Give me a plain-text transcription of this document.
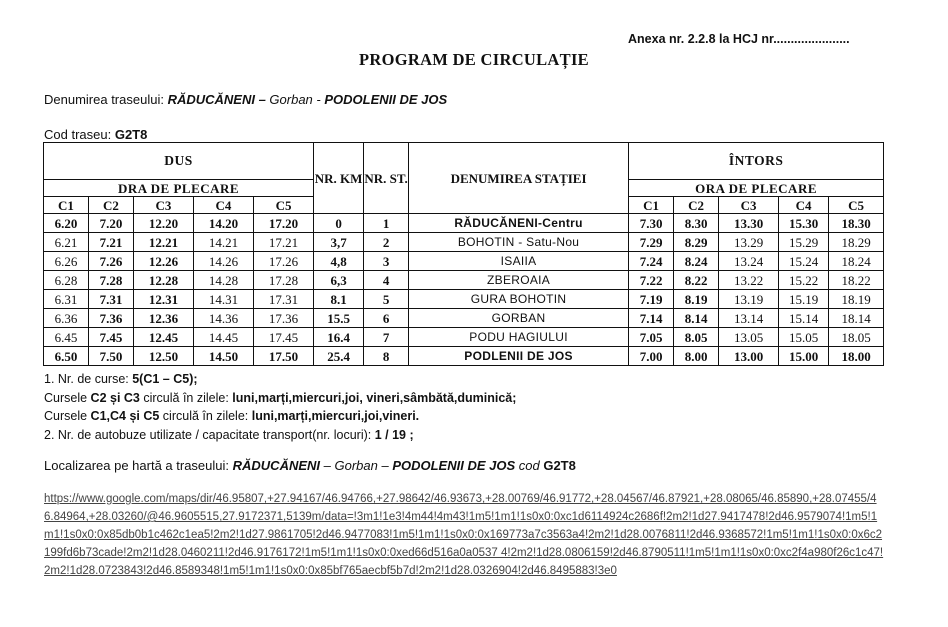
Anexa nr. 2.2.8 la HCJ nr......................
PROGRAM DE CIRCULAȚIE
Denumirea traseului: RĂDUCĂNENI – Gorban - PODOLENII DE JOS
Cod traseu: G2T8
DUS					NR. KM	NR. ST.	DENUMIREA STAȚIEI	ÎNTORS				
DRA DE PLECARE								ORA DE PLECARE				
C1	C2	C3	C4	C5				C1	C2	C3	C4	C5
6.20	7.20	12.20	14.20	17.20	0	1	RĂDUCĂNENI-Centru	7.30	8.30	13.30	15.30	18.30
6.21	7.21	12.21	14.21	17.21	3,7	2	BOHOTIN - Satu-Nou	7.29	8.29	13.29	15.29	18.29
6.26	7.26	12.26	14.26	17.26	4,8	3	ISAIIA	7.24	8.24	13.24	15.24	18.24
6.28	7.28	12.28	14.28	17.28	6,3	4	ZBEROAIA	7.22	8.22	13.22	15.22	18.22
6.31	7.31	12.31	14.31	17.31	8.1	5	GURA BOHOTIN	7.19	8.19	13.19	15.19	18.19
6.36	7.36	12.36	14.36	17.36	15.5	6	GORBAN	7.14	8.14	13.14	15.14	18.14
6.45	7.45	12.45	14.45	17.45	16.4	7	PODU HAGIULUI	7.05	8.05	13.05	15.05	18.05
6.50	7.50	12.50	14.50	17.50	25.4	8	PODLENII DE JOS	7.00	8.00	13.00	15.00	18.00
1. Nr. de curse: 5(C1 – C5);
Cursele C2 și C3 circulă în zilele: luni,marți,miercuri,joi, vineri,sâmbătă,duminică;
Cursele C1,C4 și C5 circulă în zilele: luni,marți,miercuri,joi,vineri.
2. Nr. de autobuze utilizate / capacitate transport(nr. locuri): 1 / 19 ;
Localizarea pe hartă a traseului: RĂDUCĂNENI – Gorban – PODOLENII DE JOS cod G2T8
https://www.google.com/maps/dir/46.95807,+27.94167/46.94766,+27.98642/46.93673,+28.00769/46.91772,+28.04567/46.87921,+28.08065/46.85890,+28.07455/46.84964,+28.03260/@46.9605515,27.9172371,5139m/data=!3m1!1e3!4m44!4m43!1m5!1m1!1s0x0:0xc1d6114924c2686f!2m2!1d27.9417478!2d46.9579074!1m5!1m1!1s0x0:0x85db0b1c462c1ea5!2m2!1d27.9861705!2d46.9477083!1m5!1m1!1s0x0:0x169773a7c3563a4!2m2!1d28.0076811!2d46.9368572!1m5!1m1!1s0x0:0x6c2199fd6b73cade!2m2!1d28.0460211!2d46.9176172!1m5!1m1!1s0x0:0xed66d516a0a0537 4!2m2!1d28.0806159!2d46.8790511!1m5!1m1!1s0x0:0xc2f4a980f26c1c47!2m2!1d28.0723843!2d46.8589348!1m5!1m1!1s0x0:0x85bf765aecbf5b7d!2m2!1d28.0326904!2d46.8495883!3e0
